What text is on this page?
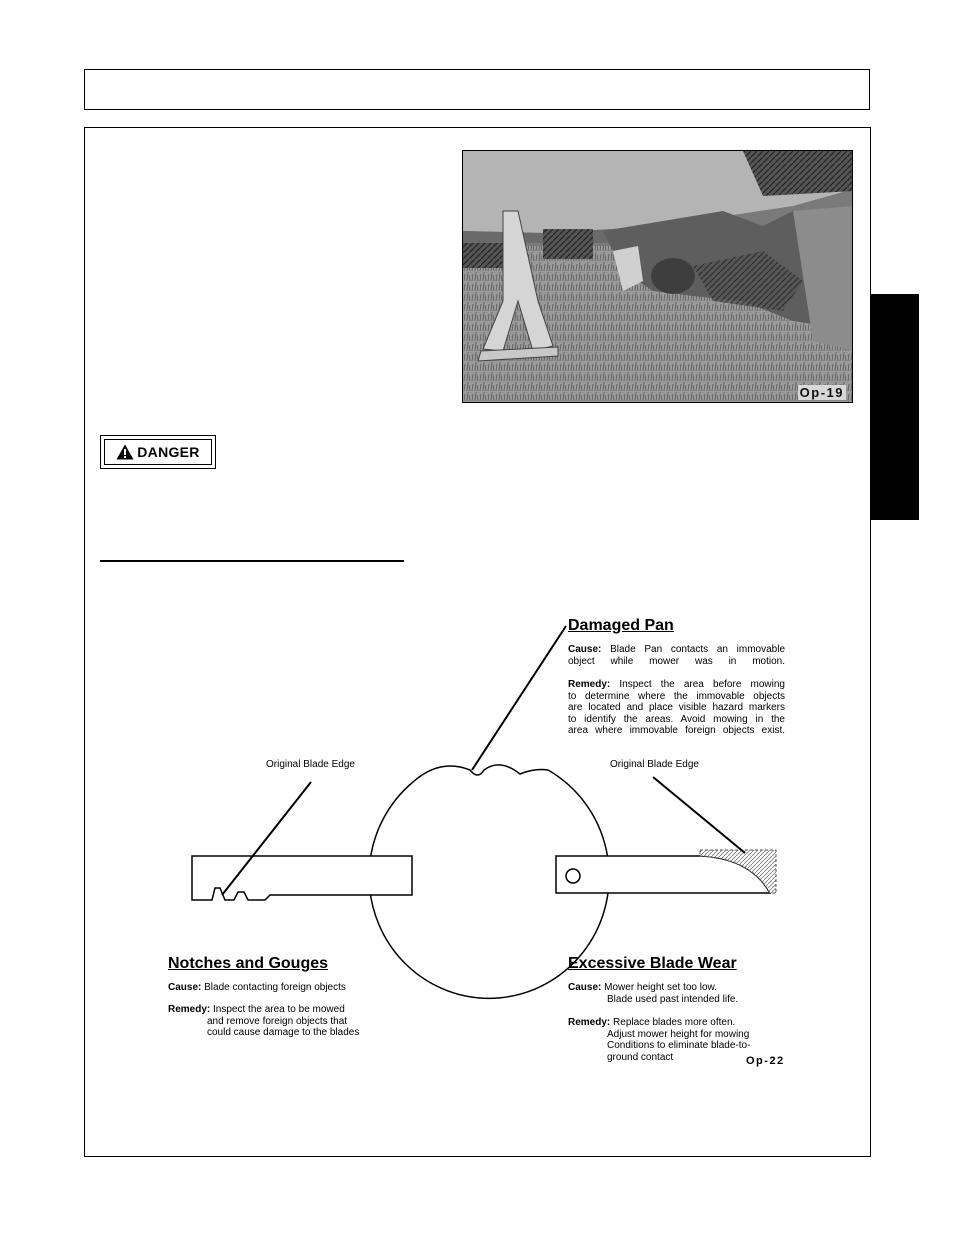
Op-19
DANGER
Damaged Pan
Cause: Blade Pan contacts an immovable
object while mower was in motion.
Remedy: Inspect the area before mowing
to determine where the immovable objects
are located and place visible hazard markers
to identify the areas. Avoid mowing in the
area where immovable foreign objects exist.
Original Blade Edge	Original Blade Edge
Notches and Gouges
Cause: Blade contacting foreign objects
Remedy: Inspect the area to be mowed
and remove foreign objects that
could cause damage to the blades
Excessive Blade Wear
Cause: Mower height set too low.
Blade used past intended life.
Remedy: Replace blades more often.
Adjust mower height for mowing
Conditions to eliminate blade-to-
ground contact	Op-22
